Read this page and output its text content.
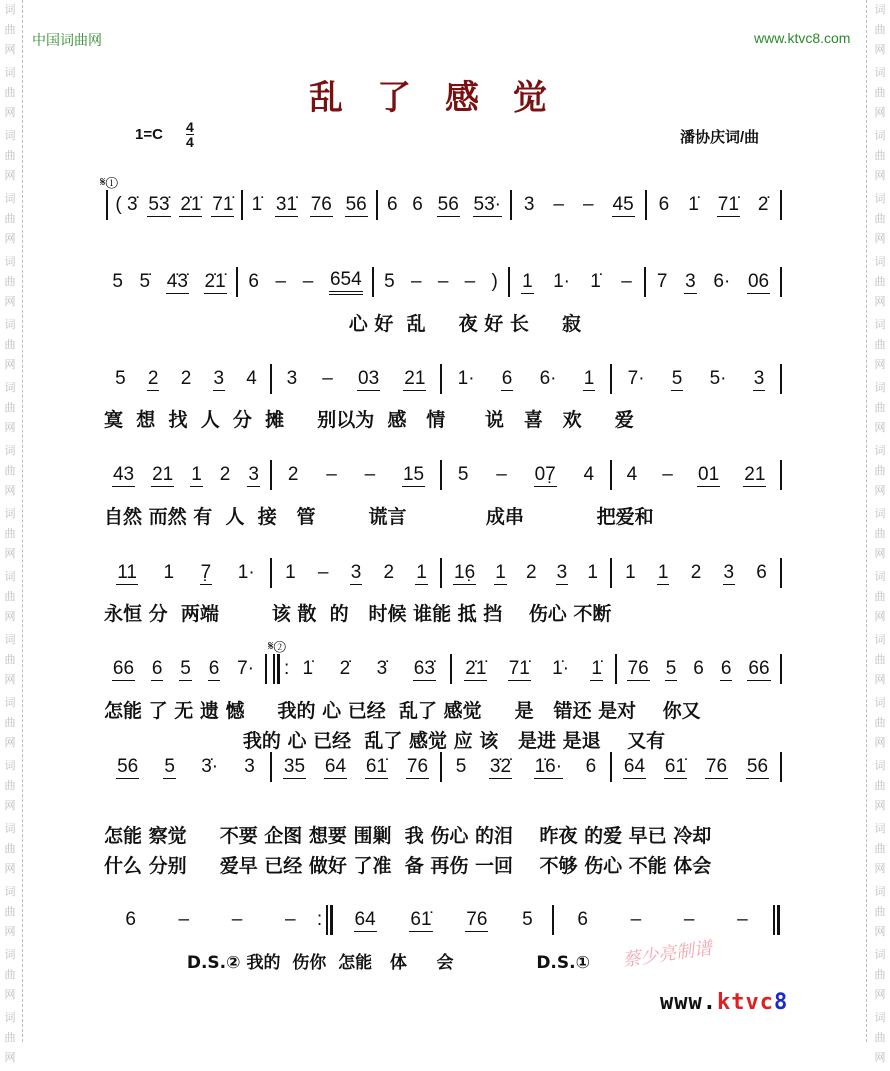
词
曲
网
词
曲
网
词
曲
网
词
曲
网
词
曲
网
词
曲
网
词
曲
网
词
曲
网
词
曲
网
词
曲
网
词
曲
网
词
曲
网
词
曲
网
词
曲
网
词
曲
网
词
曲
网
词
曲
网
词
曲
网
词
曲
网
词
曲
网
词
曲
网
词
曲
网
词
曲
网
词
曲
网
词
曲
网
词
曲
网
词
曲
网
词
曲
网
词
曲
网
词
曲
网
词
曲
网
词
曲
网
词
曲
网
词
曲
网
中国词曲网	www.ktvc8.com
乱了感觉
1=C 4
4	潘协庆词/曲
𝄋①
𝄋②
( 3̇ 53̇ 2̇1̇ 71̇ 1̇ 31̇ 76 56 6 6 56 53̇· 3 – – 45 6 1̇ 71̇ 2̇
5 5̇ 4̇3̇ 2̇1̇ 6 – – 654 5 – – – ) 1 1· 1̇ – 7 3 6· 06
5 2 2 3 4 3 – 03 21 1· 6 6· 1 7· 5 5· 3
43 21 1 2 3 2 – – 15 5 – 07̣ 4 4 – 01 21
11 1 7̣ 1· 1 – 3 2 1 16̣ 1 2 3 1 1 1 2 3 6
66 6 5 6 7· : 1̇ 2̇ 3̇ 63̇ 2̇1̇ 71̇ 1̇· 1̇ 76 5 6 6 66
56 5 3̇· 3 35 64 61̇ 76 5 3̇2̇ 1̇6· 6 64 61̇ 76 56
6 – – – : 64 61̇ 76 5 6 – – –
心 好  乱     夜 好 长     寂
寞  想  找  人  分  摊     别以为  感   情      说   喜   欢     爱
自然 而然 有  人  接   管        谎言            成串           把爱和
永恒 分  两端        该 散  的   时候 谁能 抵 挡    伤心 不断
怎能 了 无 遗 憾     我的 心 已经  乱了 感觉     是   错还 是对    你又
我的 心 已经  乱了 感觉 应 该   是进 是退    又有
怎能 察觉     不要 企图 想要 围剿  我 伤心 的泪    昨夜 的爱 早已 冷却
什么 分别     爱早 已经 做好 了准  备 再伤 一回    不够 伤心 不能 体会
D.S.② 我的  伤你  怎能   体     会              D.S.① 蔡少亮制谱
www.ktvc8
